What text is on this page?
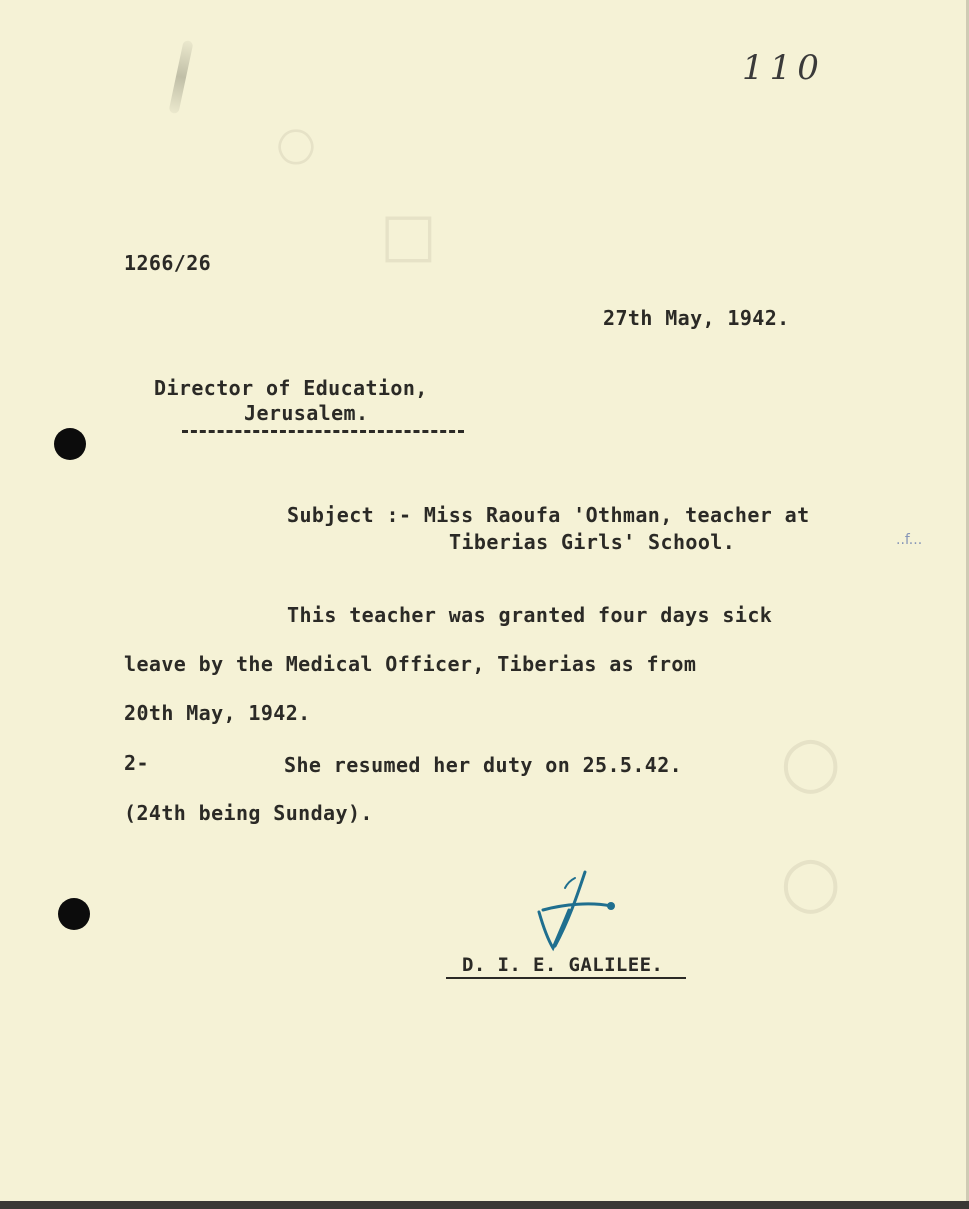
○
□
○
○
110
1266/26
27th May, 1942.
Director of Education,
Jerusalem.
Subject :- Miss Raoufa 'Othman, teacher at
Tiberias Girls' School.	..f...
This teacher was granted four days sick
leave by the Medical Officer, Tiberias as from
20th May, 1942.
2-	She resumed her duty on 25.5.42.
(24th being Sunday).
D. I. E. GALILEE.
